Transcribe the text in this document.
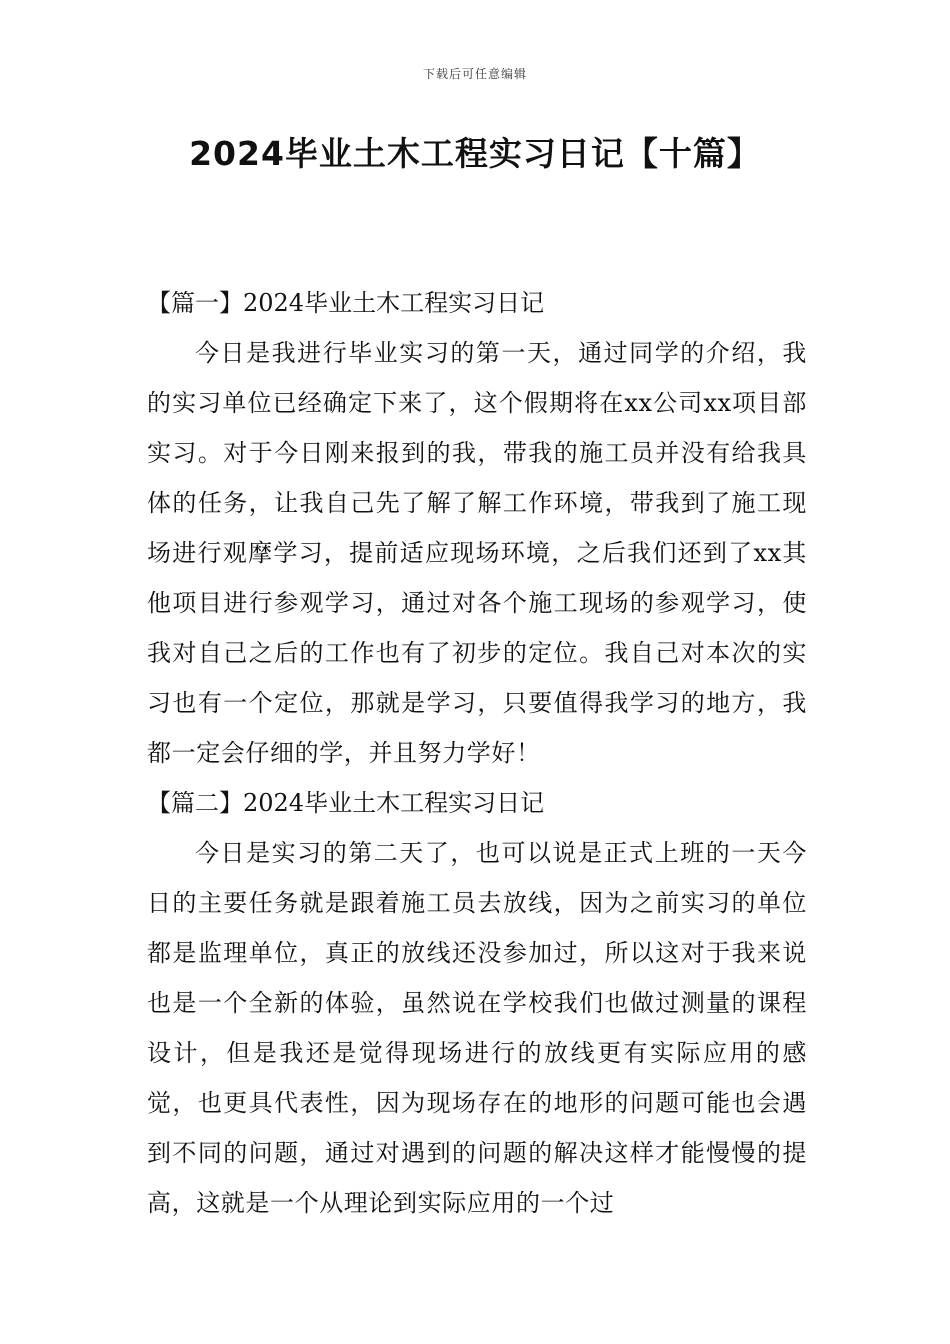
下载后可任意编辑
2024毕业土木工程实习日记【十篇】
【篇一】2024毕业土木工程实习日记

今日是我进行毕业实习的第一天，通过同学的介绍，我的实习单位已经确定下来了，这个假期将在xx公司xx项目部实习。对于今日刚来报到的我，带我的施工员并没有给我具体的任务，让我自己先了解了解工作环境，带我到了施工现场进行观摩学习，提前适应现场环境，之后我们还到了xx其他项目进行参观学习，通过对各个施工现场的参观学习，使我对自己之后的工作也有了初步的定位。我自己对本次的实习也有一个定位，那就是学习，只要值得我学习的地方，我都一定会仔细的学，并且努力学好！

【篇二】2024毕业土木工程实习日记

今日是实习的第二天了，也可以说是正式上班的一天今日的主要任务就是跟着施工员去放线，因为之前实习的单位都是监理单位，真正的放线还没参加过，所以这对于我来说也是一个全新的体验，虽然说在学校我们也做过测量的课程设计，但是我还是觉得现场进行的放线更有实际应用的感觉，也更具代表性，因为现场存在的地形的问题可能也会遇到不同的问题，通过对遇到的问题的解决这样才能慢慢的提高，这就是一个从理论到实际应用的一个过
